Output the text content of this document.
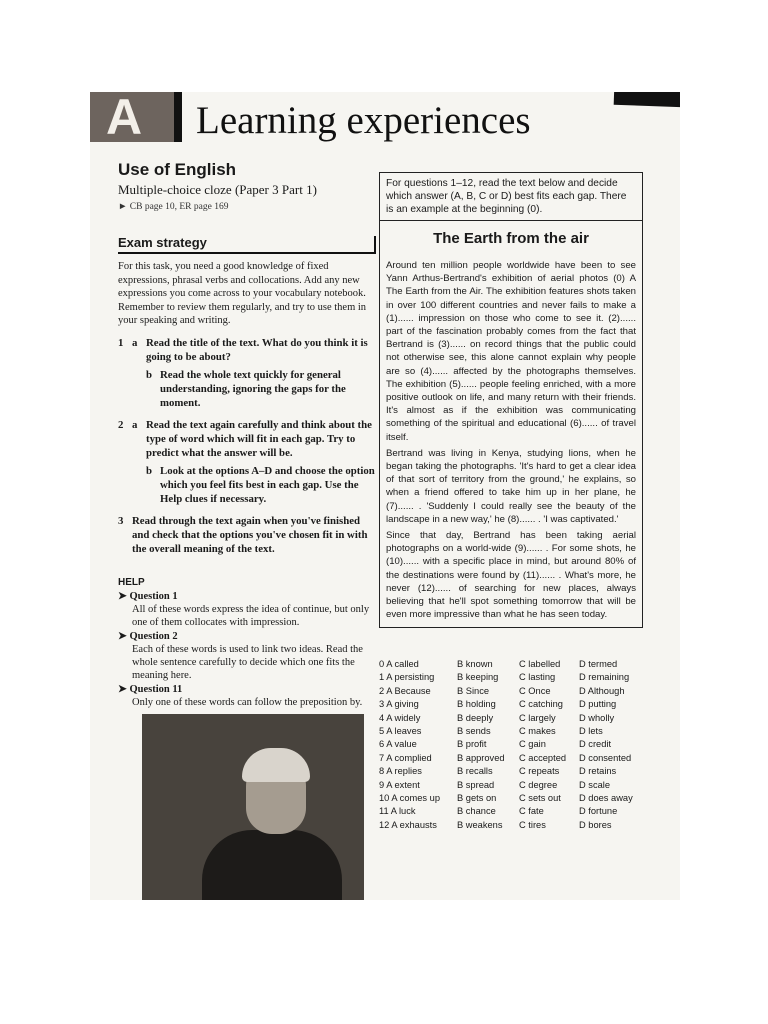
A Learning experiences
Use of English
Multiple-choice cloze (Paper 3 Part 1)
► CB page 10, ER page 169
Exam strategy
For this task, you need a good knowledge of fixed expressions, phrasal verbs and collocations. Add any new expressions you come across to your vocabulary notebook. Remember to review them regularly, and try to use them in your speaking and writing.
1 a Read the title of the text. What do you think it is going to be about?
b Read the whole text quickly for general understanding, ignoring the gaps for the moment.
2 a Read the text again carefully and think about the type of word which will fit in each gap. Try to predict what the answer will be.
b Look at the options A–D and choose the option which you feel fits best in each gap. Use the Help clues if necessary.
3 Read through the text again when you've finished and check that the options you've chosen fit in with the overall meaning of the text.
HELP
➤ Question 1
All of these words express the idea of continue, but only one of them collocates with impression.
➤ Question 2
Each of these words is used to link two ideas. Read the whole sentence carefully to decide which one fits the meaning here.
➤ Question 11
Only one of these words can follow the preposition by.
For questions 1–12, read the text below and decide which answer (A, B, C or D) best fits each gap. There is an example at the beginning (0).
The Earth from the air

Around ten million people worldwide have been to see Yann Arthus-Bertrand's exhibition of aerial photos (0) A The Earth from the Air. The exhibition features shots taken in over 100 different countries and never fails to make a (1)...... impression on those who come to see it. (2)...... part of the fascination probably comes from the fact that Bertrand is (3)...... on record things that the public could not otherwise see, this alone cannot explain why people are so (4)...... affected by the photographs themselves. The exhibition (5)...... people feeling enriched, with a more positive outlook on life, and many return with their friends. It's almost as if the exhibition was communicating something of the spiritual and educational (6)...... of travel itself.

Bertrand was living in Kenya, studying lions, when he began taking the photographs. 'It's hard to get a clear idea of that sort of territory from the ground,' he explains, so when a friend offered to take him up in her plane, he (7)...... . 'Suddenly I could really see the beauty of the landscape in a new way,' he (8)...... . 'I was captivated.'

Since that day, Bertrand has been taking aerial photographs on a world-wide (9)...... . For some shots, he (10)...... with a specific place in mind, but around 80% of the destinations were found by (11)...... . What's more, he never (12)...... of searching for new places, always believing that he'll spot something tomorrow that will be even more impressive than what he has seen today.

0 A called	B known	C labelled	D termed
1 A persisting	B keeping	C lasting	D remaining
2 A Because	B Since	C Once	D Although
3 A giving	B holding	C catching	D putting
4 A widely	B deeply	C largely	D wholly
5 A leaves	B sends	C makes	D lets
6 A value	B profit	C gain	D credit
7 A complied	B approved	C accepted	D consented
8 A replies	B recalls	C repeats	D retains
9 A extent	B spread	C degree	D scale
10 A comes up	B gets on	C sets out	D does away
11 A luck	B chance	C fate	D fortune
12 A exhausts	B weakens	C tires	D bores
